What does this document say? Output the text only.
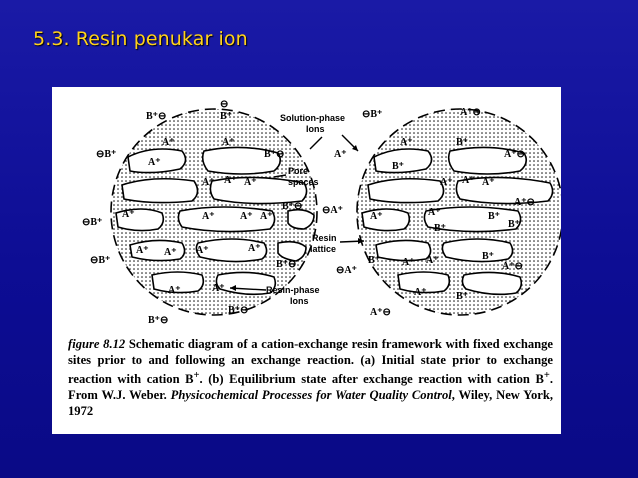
5.3. Resin penukar ion
A⁺	A⁺
A⁺
A⁺ A⁺ A⁺
A⁺	A⁺	A⁺ A⁺
A⁺ A⁺ A⁺	A⁺
A⁺	A⁺
B⁺⊖
⊖
B⁺
⊖B⁺	B⁺⊖
⊖B⁺
B⁺⊖
⊖B⁺	B⁺⊖
B⁺⊖
B⁺⊖
A⁺	B⁺
B⁺
A⁺ A⁺ A⁺
A⁺	A⁺
B⁺
B⁺
B⁺
B⁺ A⁺ A⁺	B⁺
A⁺	B⁺
⊖B⁺	A⁺⊖
A⁺	A⁺⊖
⊖A⁺
A⁺⊖
⊖A⁺	A⁺⊖
A⁺⊖
Solution-phase
Ions
Pore
spaces
Resin
lattice
Resin-phase
Ions
figure 8.12 Schematic diagram of a cation-exchange resin framework with fixed exchange sites prior to and following an exchange reaction. (a) Initial state prior to exchange reaction with cation B+. (b) Equilibrium state after exchange reaction with cation B+. From W.J. Weber. Physicochemical Processes for Water Quality Control, Wiley, New York, 1972
